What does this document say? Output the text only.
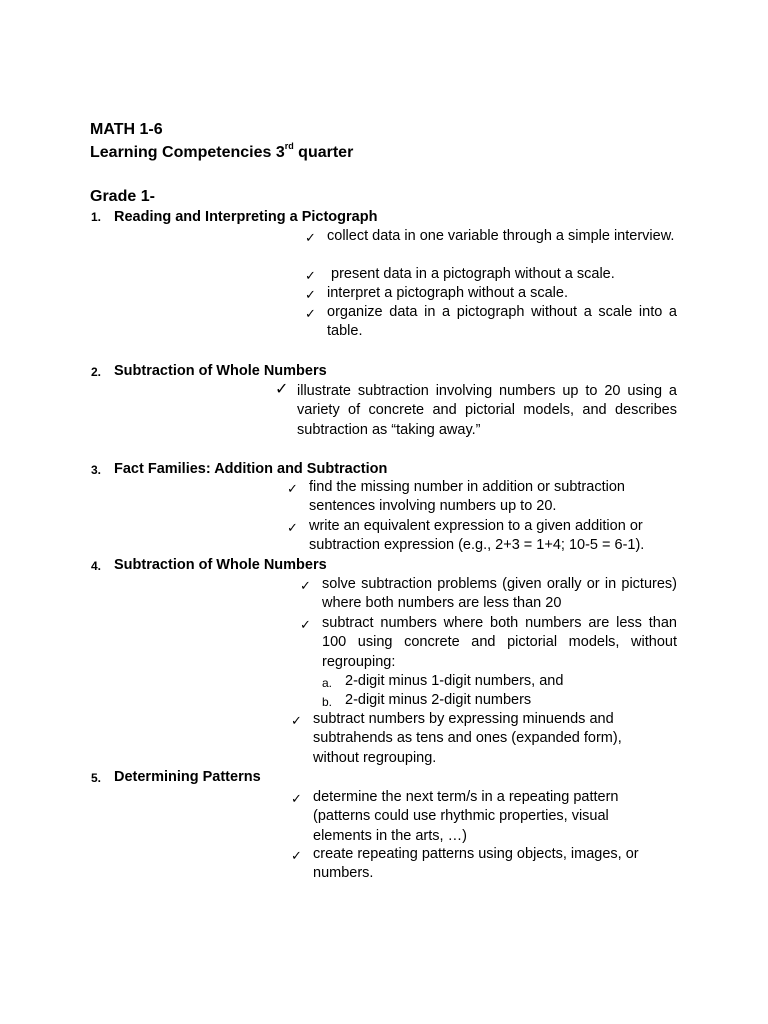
MATH 1-6
Learning Competencies 3rd quarter
Grade 1-
1. Reading and Interpreting a Pictograph
✓ collect data in one variable through a simple interview.
✓ present data in a pictograph without a scale.
✓ interpret a pictograph without a scale.
✓ organize data in a pictograph without a scale into a table.
2. Subtraction of Whole Numbers
✓ illustrate subtraction involving numbers up to 20 using a variety of concrete and pictorial models, and describes subtraction as “taking away.”
3. Fact Families: Addition and Subtraction
✓ find the missing number in addition or subtraction sentences involving numbers up to 20.
✓ write an equivalent expression to a given addition or subtraction expression (e.g., 2+3 = 1+4; 10-5 = 6-1).
4. Subtraction of Whole Numbers
✓ solve subtraction problems (given orally or in pictures) where both numbers are less than 20
✓ subtract numbers where both numbers are less than 100 using concrete and pictorial models, without regrouping:
a. 2-digit minus 1-digit numbers, and
b. 2-digit minus 2-digit numbers
✓ subtract numbers by expressing minuends and subtrahends as tens and ones (expanded form), without regrouping.
5. Determining Patterns
✓ determine the next term/s in a repeating pattern (patterns could use rhythmic properties, visual elements in the arts, …)
✓ create repeating patterns using objects, images, or numbers.
